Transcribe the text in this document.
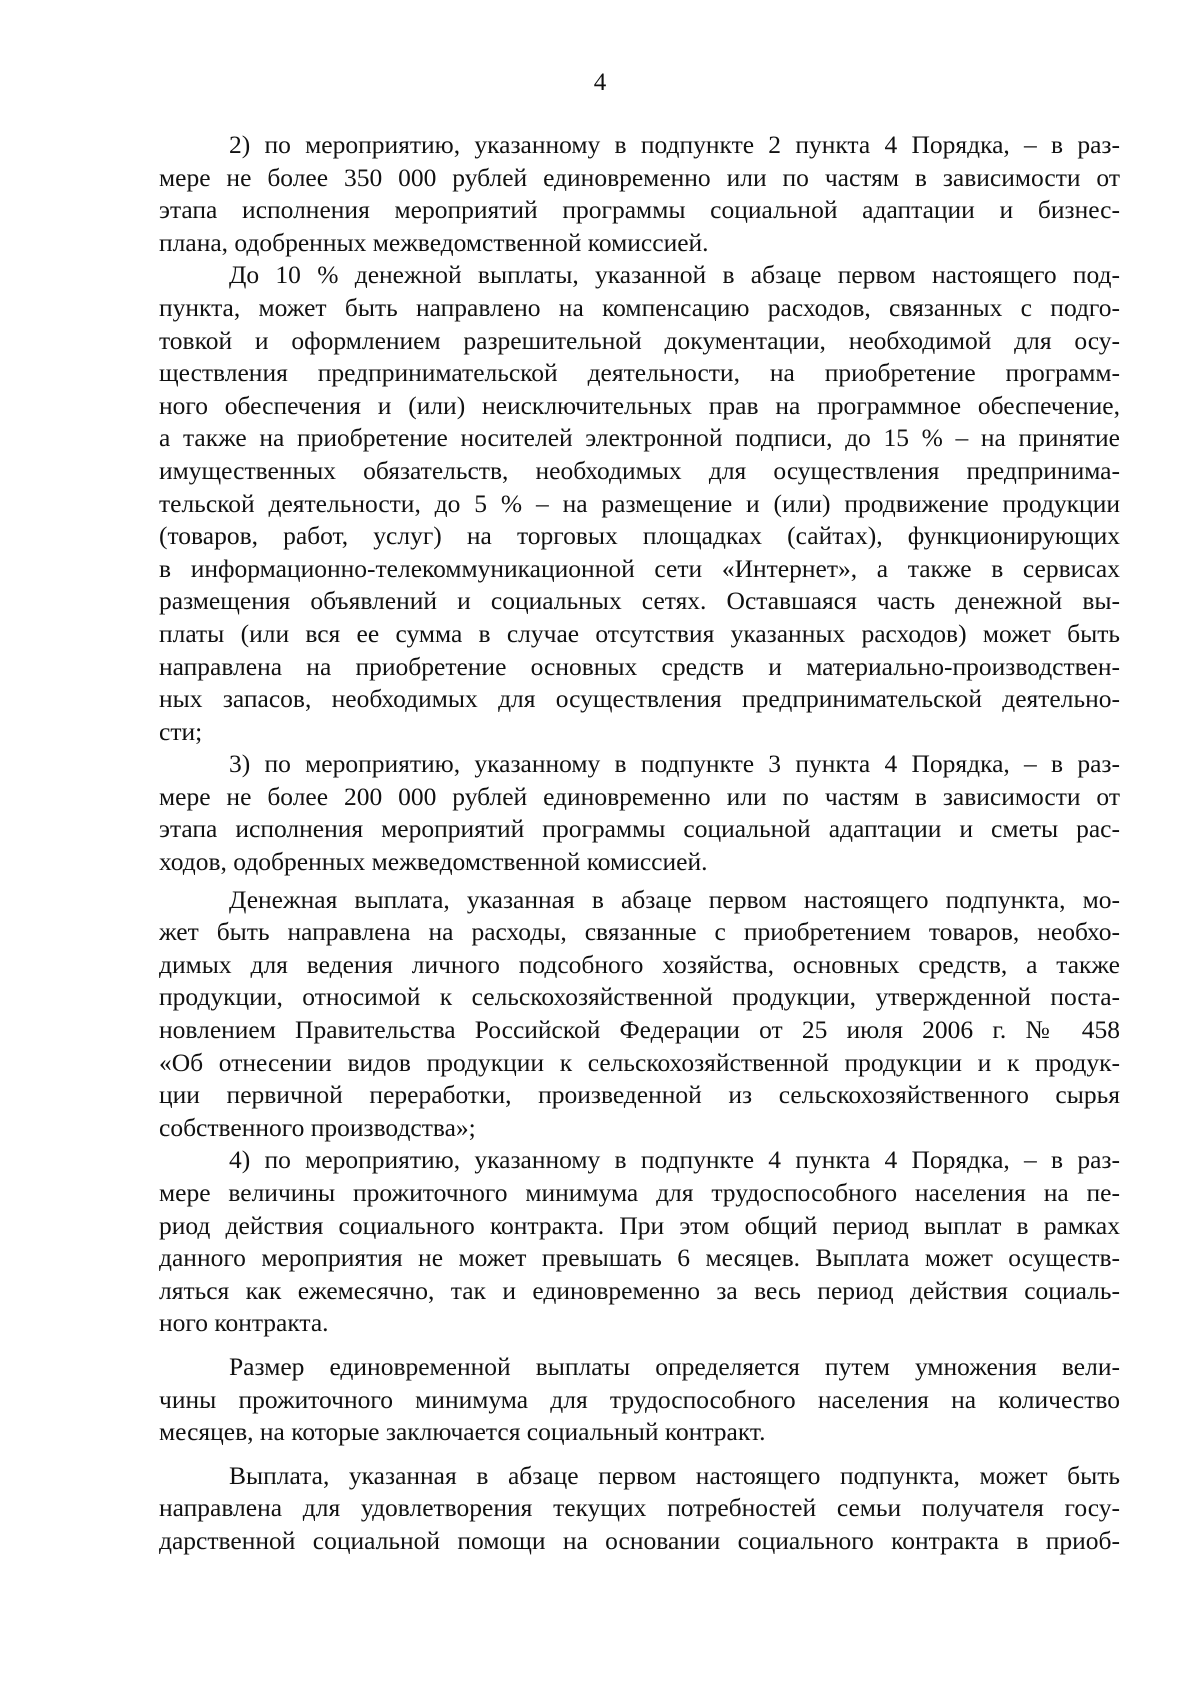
4
2) по мероприятию, указанному в подпункте 2 пункта 4 Порядка, – в раз-
мере не более 350 000 рублей единовременно или по частям в зависимости от
этапа исполнения мероприятий программы социальной адаптации и бизнес-
плана, одобренных межведомственной комиссией.
До 10 % денежной выплаты, указанной в абзаце первом настоящего под-
пункта, может быть направлено на компенсацию расходов, связанных с подго-
товкой и оформлением разрешительной документации, необходимой для осу-
ществления предпринимательской деятельности, на приобретение программ-
ного обеспечения и (или) неисключительных прав на программное обеспечение,
а также на приобретение носителей электронной подписи, до 15 % – на принятие
имущественных обязательств, необходимых для осуществления предпринима-
тельской деятельности, до 5 % – на размещение и (или) продвижение продукции
(товаров, работ, услуг) на торговых площадках (сайтах), функционирующих
в информационно-телекоммуникационной сети «Интернет», а также в сервисах
размещения объявлений и социальных сетях. Оставшаяся часть денежной вы-
платы (или вся ее сумма в случае отсутствия указанных расходов) может быть
направлена на приобретение основных средств и материально-производствен-
ных запасов, необходимых для осуществления предпринимательской деятельно-
сти;
3) по мероприятию, указанному в подпункте 3 пункта 4 Порядка, – в раз-
мере не более 200 000 рублей единовременно или по частям в зависимости от
этапа исполнения мероприятий программы социальной адаптации и сметы рас-
ходов, одобренных межведомственной комиссией.
Денежная выплата, указанная в абзаце первом настоящего подпункта, мо-
жет быть направлена на расходы, связанные с приобретением товаров, необхо-
димых для ведения личного подсобного хозяйства, основных средств, а также
продукции, относимой к сельскохозяйственной продукции, утвержденной поста-
новлением Правительства Российской Федерации от 25 июля 2006 г. № 458
«Об отнесении видов продукции к сельскохозяйственной продукции и к продук-
ции первичной переработки, произведенной из сельскохозяйственного сырья
собственного производства»;
4) по мероприятию, указанному в подпункте 4 пункта 4 Порядка, – в раз-
мере величины прожиточного минимума для трудоспособного населения на пе-
риод действия социального контракта. При этом общий период выплат в рамках
данного мероприятия не может превышать 6 месяцев. Выплата может осуществ-
ляться как ежемесячно, так и единовременно за весь период действия социаль-
ного контракта.
Размер единовременной выплаты определяется путем умножения вели-
чины прожиточного минимума для трудоспособного населения на количество
месяцев, на которые заключается социальный контракт.
Выплата, указанная в абзаце первом настоящего подпункта, может быть
направлена для удовлетворения текущих потребностей семьи получателя госу-
дарственной социальной помощи на основании социального контракта в приоб-
